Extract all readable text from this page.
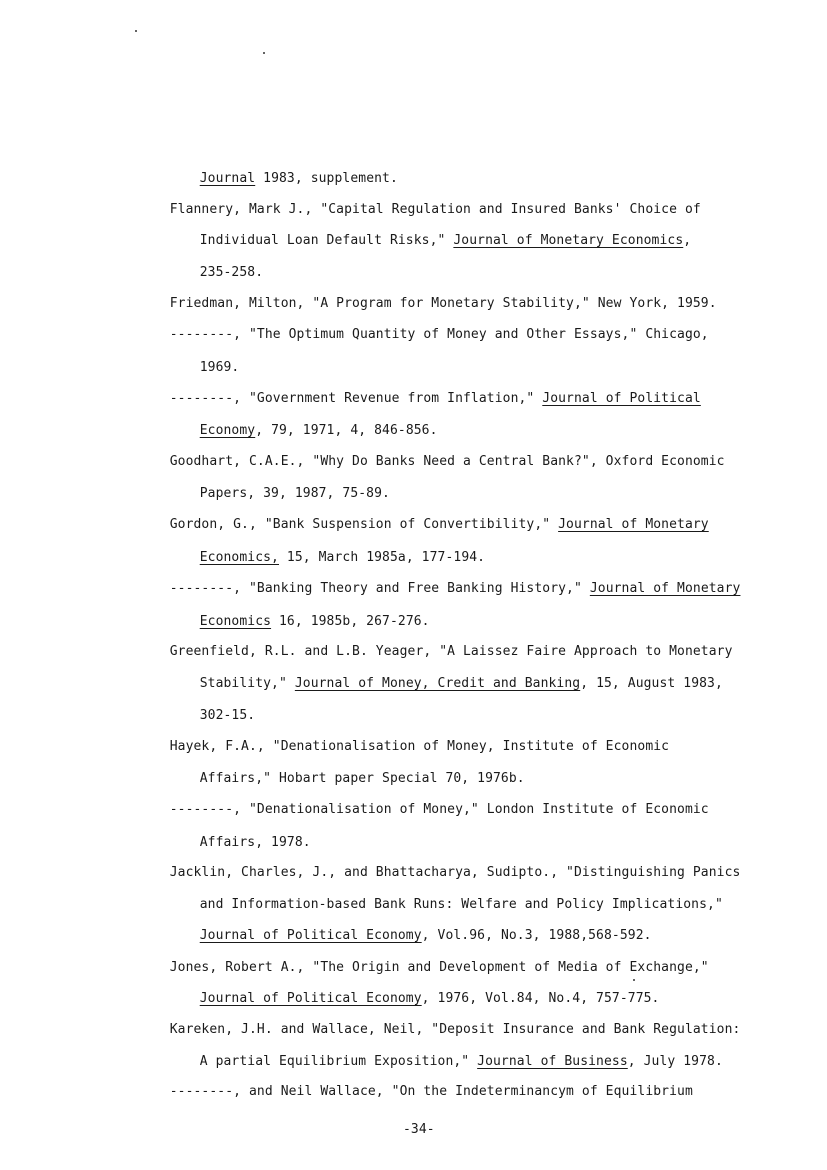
Journal 1983, supplement.

Flannery, Mark J., "Capital Regulation and Insured Banks' Choice of

Individual Loan Default Risks," Journal of Monetary Economics,

235-258.

Friedman, Milton, "A Program for Monetary Stability," New York, 1959.

--------, "The Optimum Quantity of Money and Other Essays," Chicago,

1969.

--------, "Government Revenue from Inflation," Journal of Political

Economy, 79, 1971, 4, 846-856.

Goodhart, C.A.E., "Why Do Banks Need a Central Bank?", Oxford Economic

Papers, 39, 1987, 75-89.

Gordon, G., "Bank Suspension of Convertibility," Journal of Monetary

Economics, 15, March 1985a, 177-194.

--------, "Banking Theory and Free Banking History," Journal of Monetary

Economics 16, 1985b, 267-276.

Greenfield, R.L. and L.B. Yeager, "A Laissez Faire Approach to Monetary

Stability," Journal of Money, Credit and Banking, 15, August 1983,

302-15.

Hayek, F.A., "Denationalisation of Money, Institute of Economic

Affairs," Hobart paper Special 70, 1976b.

--------, "Denationalisation of Money," London Institute of Economic

Affairs, 1978.

Jacklin, Charles, J., and Bhattacharya, Sudipto., "Distinguishing Panics

and Information-based Bank Runs: Welfare and Policy Implications,"

Journal of Political Economy, Vol.96, No.3, 1988,568-592.

Jones, Robert A., "The Origin and Development of Media of Exchange,"

Journal of Political Economy, 1976, Vol.84, No.4, 757-775.

Kareken, J.H. and Wallace, Neil, "Deposit Insurance and Bank Regulation:

A partial Equilibrium Exposition," Journal of Business, July 1978.

--------, and Neil Wallace, "On the Indeterminancym of Equilibrium

-34-
